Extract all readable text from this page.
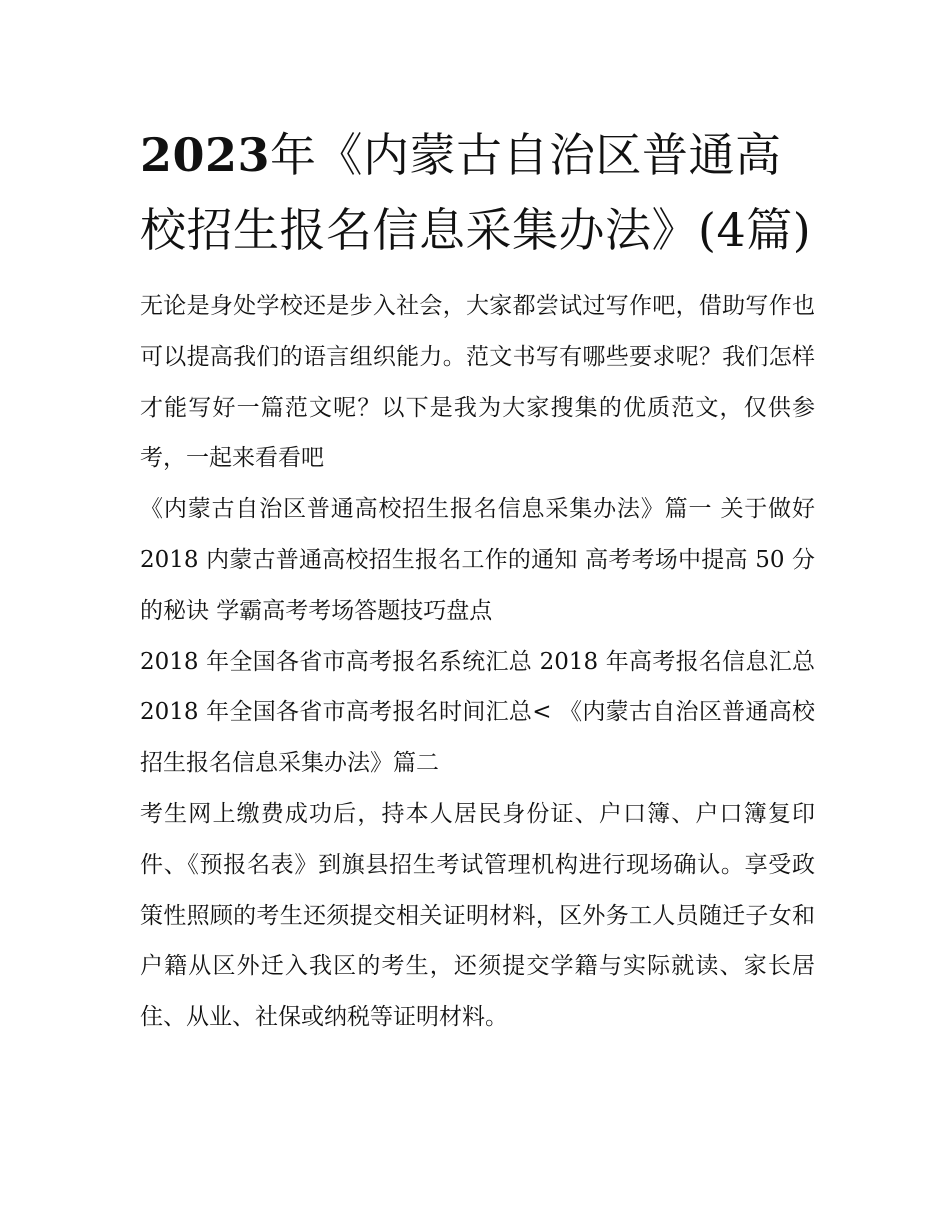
2023年《内蒙古自治区普通高校招生报名信息采集办法》(4篇)

无论是身处学校还是步入社会，大家都尝试过写作吧，借助写作也可以提高我们的语言组织能力。范文书写有哪些要求呢？我们怎样才能写好一篇范文呢？以下是我为大家搜集的优质范文，仅供参考，一起来看看吧

《内蒙古自治区普通高校招生报名信息采集办法》篇一 关于做好 2018 内蒙古普通高校招生报名工作的通知 高考考场中提高 50 分的秘诀 学霸高考考场答题技巧盘点

2018 年全国各省市高考报名系统汇总 2018 年高考报名信息汇总 2018 年全国各省市高考报名时间汇总< 《内蒙古自治区普通高校招生报名信息采集办法》篇二

考生网上缴费成功后，持本人居民身份证、户口簿、户口簿复印件、《预报名表》到旗县招生考试管理机构进行现场确认。享受政策性照顾的考生还须提交相关证明材料，区外务工人员随迁子女和户籍从区外迁入我区的考生，还须提交学籍与实际就读、家长居住、从业、社保或纳税等证明材料。
